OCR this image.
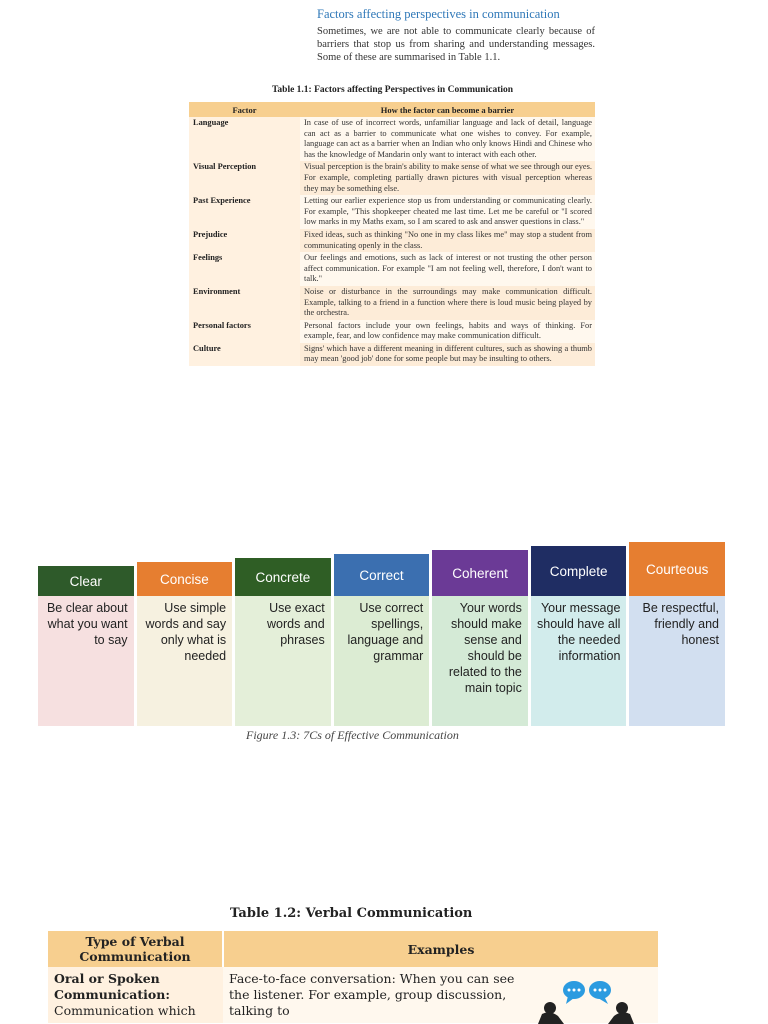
Factors affecting perspectives in communication
Sometimes, we are not able to communicate clearly because of barriers that stop us from sharing and understanding messages. Some of these are summarised in Table 1.1.
Table 1.1: Factors affecting Perspectives in Communication
Factor	How the factor can become a barrier
Language	In case of use of incorrect words, unfamiliar language and lack of detail, language can act as a barrier to communicate what one wishes to convey. For example, language can act as a barrier when an Indian who only knows Hindi and Chinese who has the knowledge of Mandarin only want to interact with each other.
Visual Perception	Visual perception is the brain's ability to make sense of what we see through our eyes. For example, completing partially drawn pictures with visual perception whereas they may be something else.
Past Experience	Letting our earlier experience stop us from understanding or communicating clearly. For example, "This shopkeeper cheated me last time. Let me be careful or "I scored low marks in my Maths exam, so I am scared to ask and answer questions in class."
Prejudice	Fixed ideas, such as thinking "No one in my class likes me" may stop a student from communicating openly in the class.
Feelings	Our feelings and emotions, such as lack of interest or not trusting the other person affect communication. For example "I am not feeling well, therefore, I don't want to talk."
Environment	Noise or disturbance in the surroundings may make communication difficult. Example, talking to a friend in a function where there is loud music being played by the orchestra.
Personal factors	Personal factors include your own feelings, habits and ways of thinking. For example, fear, and low confidence may make communication difficult.
Culture	Signs' which have a different meaning in different cultures, such as showing a thumb may mean 'good job' done for some people but may be insulting to others.
Clear
Be clear about what you want to say
Concise
Use simple words and say only what is needed
Concrete
Use exact words and phrases
Correct
Use correct spellings, language and grammar
Coherent
Your words should make sense and should be related to the main topic
Complete
Your message should have all the needed information
Courteous
Be respectful, friendly and honest
Figure 1.3: 7Cs of Effective Communication
Table 1.2: Verbal Communication
Type of Verbal Communication	Examples
Oral or Spoken Communication:
Communication which	Face-to-face conversation: When you can see the listener. For example, group discussion, talking to
